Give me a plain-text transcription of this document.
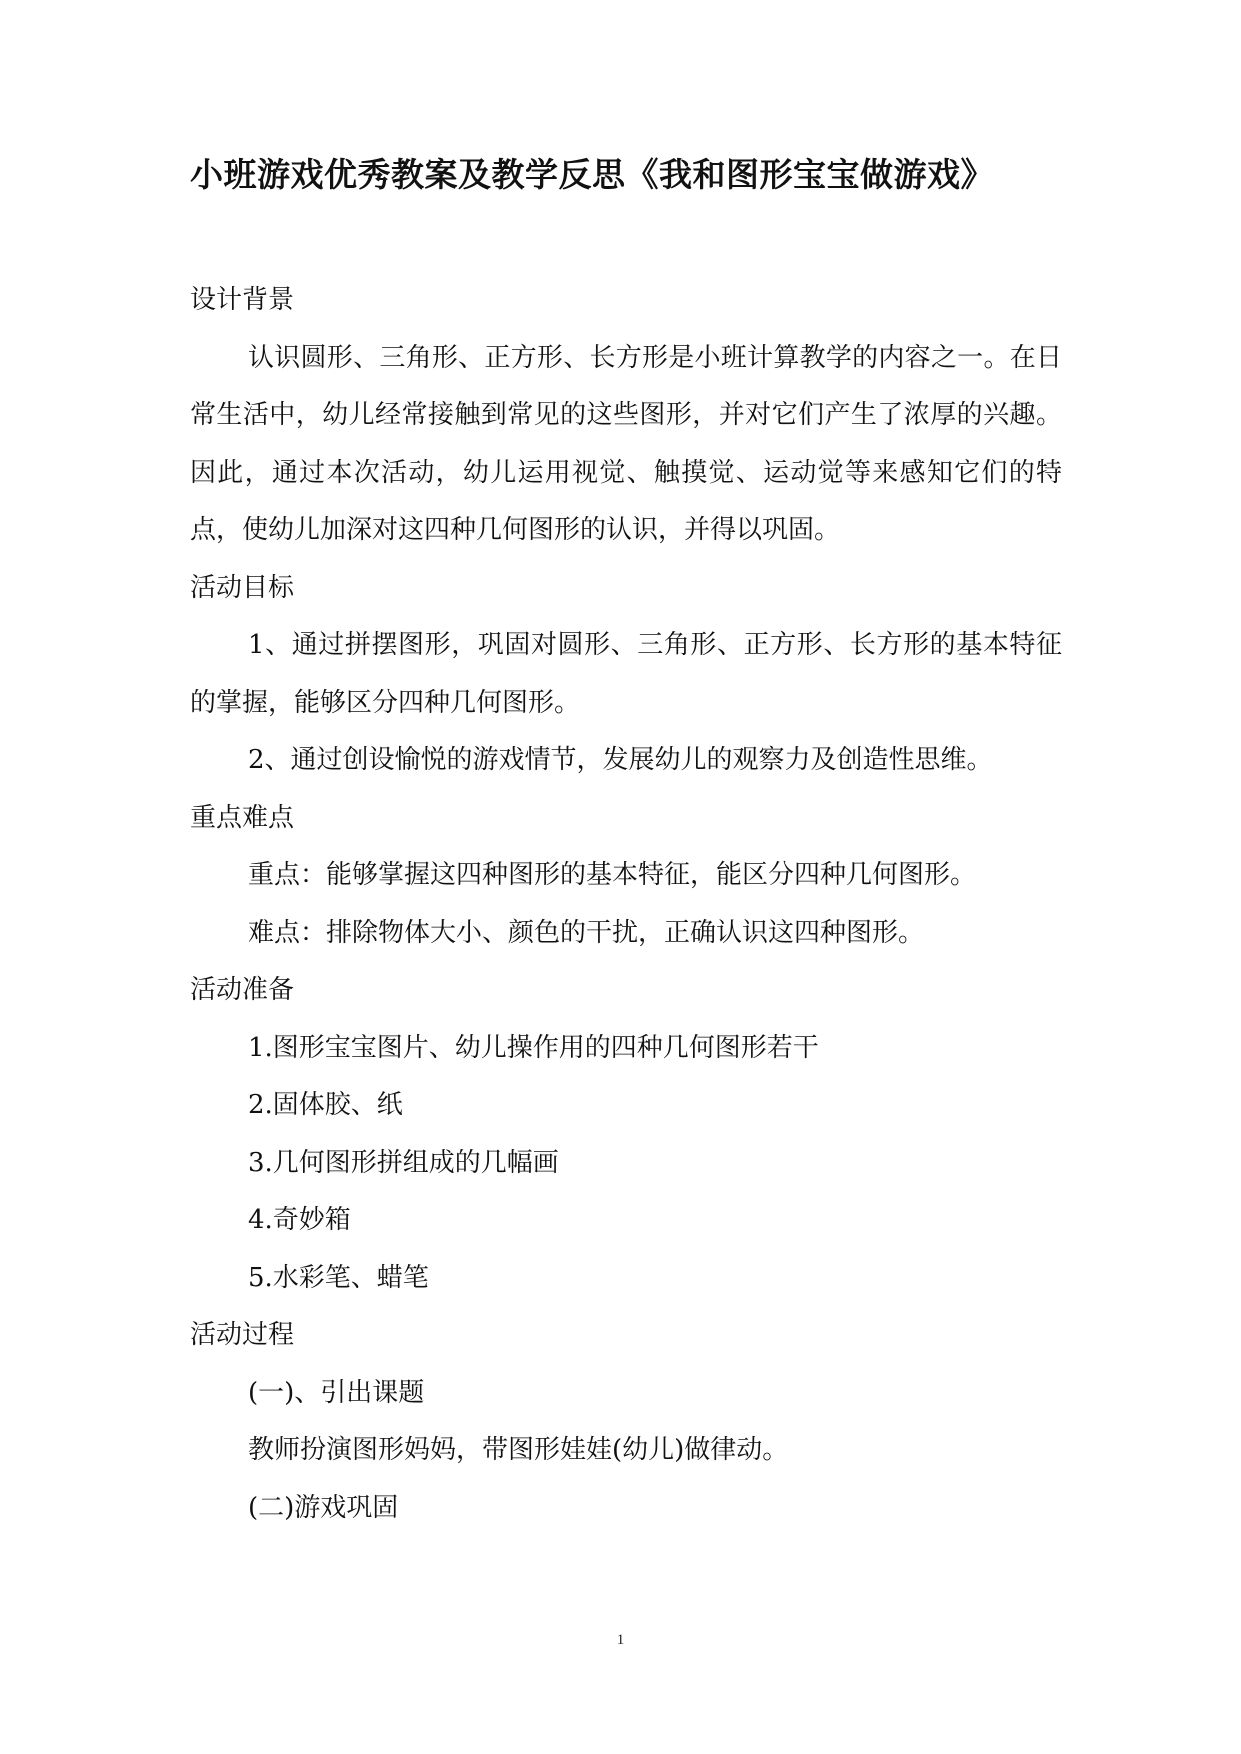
小班游戏优秀教案及教学反思《我和图形宝宝做游戏》

设计背景

认识圆形、三角形、正方形、长方形是小班计算教学的内容之一。在日常生活中，幼儿经常接触到常见的这些图形，并对它们产生了浓厚的兴趣。因此，通过本次活动，幼儿运用视觉、触摸觉、运动觉等来感知它们的特点，使幼儿加深对这四种几何图形的认识，并得以巩固。

活动目标

1、通过拼摆图形，巩固对圆形、三角形、正方形、长方形的基本特征的掌握，能够区分四种几何图形。

2、通过创设愉悦的游戏情节，发展幼儿的观察力及创造性思维。

重点难点

重点：能够掌握这四种图形的基本特征，能区分四种几何图形。

难点：排除物体大小、颜色的干扰，正确认识这四种图形。

活动准备

1.图形宝宝图片、幼儿操作用的四种几何图形若干

2.固体胶、纸

3.几何图形拼组成的几幅画

4.奇妙箱

5.水彩笔、蜡笔

活动过程

(一)、引出课题

教师扮演图形妈妈，带图形娃娃(幼儿)做律动。

(二)游戏巩固

1
